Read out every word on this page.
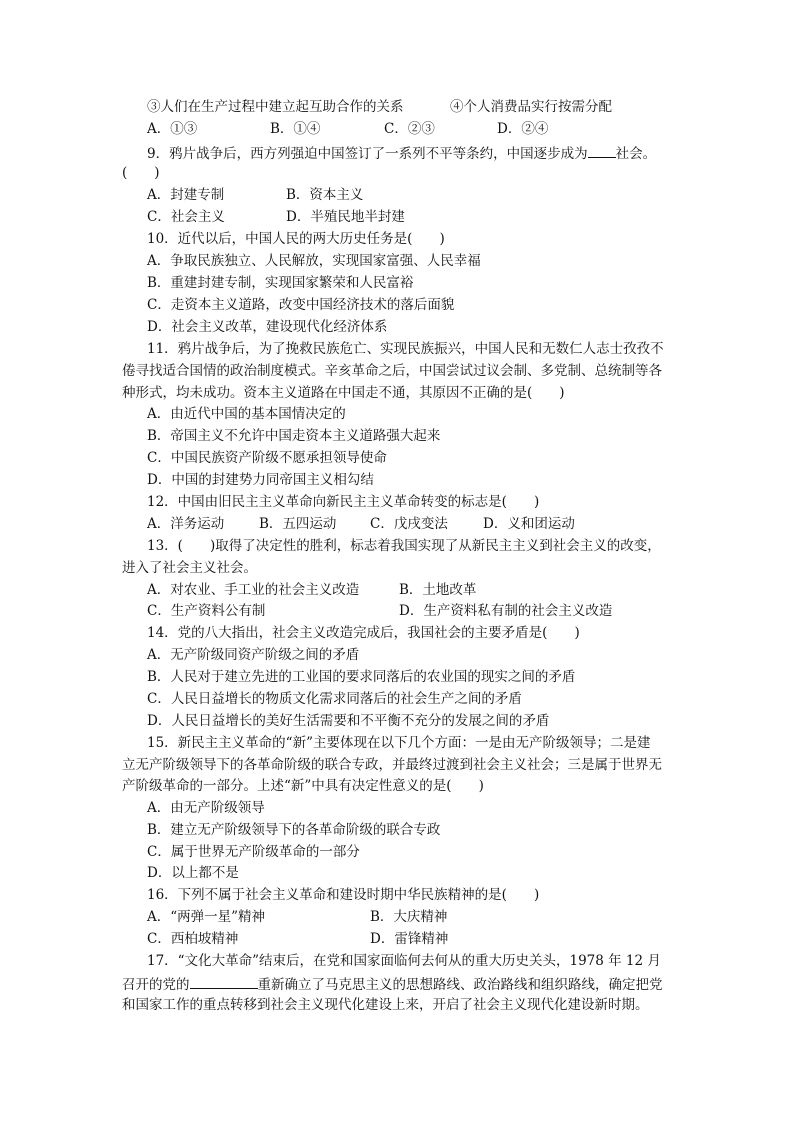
③人们在生产过程中建立起互助合作的关系	④个人消费品实行按需分配
A．①③	B．①④	C．②③	D．②④
9．鸦片战争后，西方列强迫中国签订了一系列不平等条约，中国逐步成为 社会。
(　　)
A．封建专制	B．资本主义
C．社会主义	D．半殖民地半封建
10．近代以后，中国人民的两大历史任务是(　　)
A．争取民族独立、人民解放，实现国家富强、人民幸福
B．重建封建专制，实现国家繁荣和人民富裕
C．走资本主义道路，改变中国经济技术的落后面貌
D．社会主义改革，建设现代化经济体系
11．鸦片战争后，为了挽救民族危亡、实现民族振兴，中国人民和无数仁人志士孜孜不
倦寻找适合国情的政治制度模式。辛亥革命之后，中国尝试过议会制、多党制、总统制等各
种形式，均未成功。资本主义道路在中国走不通，其原因不正确的是(　　)
A．由近代中国的基本国情决定的
B．帝国主义不允许中国走资本主义道路强大起来
C．中国民族资产阶级不愿承担领导使命
D．中国的封建势力同帝国主义相勾结
12．中国由旧民主主义革命向新民主主义革命转变的标志是(　　)
A．洋务运动	B．五四运动 C．戊戌变法	D．义和团运动
13．(　　)取得了决定性的胜利，标志着我国实现了从新民主主义到社会主义的改变，
进入了社会主义社会。
A．对农业、手工业的社会主义改造	B．土地改革
C．生产资料公有制	D．生产资料私有制的社会主义改造
14．党的八大指出，社会主义改造完成后，我国社会的主要矛盾是(　　)
A．无产阶级同资产阶级之间的矛盾
B．人民对于建立先进的工业国的要求同落后的农业国的现实之间的矛盾
C．人民日益增长的物质文化需求同落后的社会生产之间的矛盾
D．人民日益增长的美好生活需要和不平衡不充分的发展之间的矛盾
15．新民主主义革命的“新”主要体现在以下几个方面：一是由无产阶级领导；二是建
立无产阶级领导下的各革命阶级的联合专政，并最终过渡到社会主义社会；三是属于世界无
产阶级革命的一部分。上述“新”中具有决定性意义的是(　　)
A．由无产阶级领导
B．建立无产阶级领导下的各革命阶级的联合专政
C．属于世界无产阶级革命的一部分
D．以上都不是
16．下列不属于社会主义革命和建设时期中华民族精神的是(　　)
A．“两弹一星”精神	B．大庆精神
C．西柏坡精神	D．雷锋精神
17．“文化大革命”结束后，在党和国家面临何去何从的重大历史关头，1978 年 12 月
召开的党的	重新确立了马克思主义的思想路线、政治路线和组织路线，确定把党
和国家工作的重点转移到社会主义现代化建设上来，开启了社会主义现代化建设新时期。
